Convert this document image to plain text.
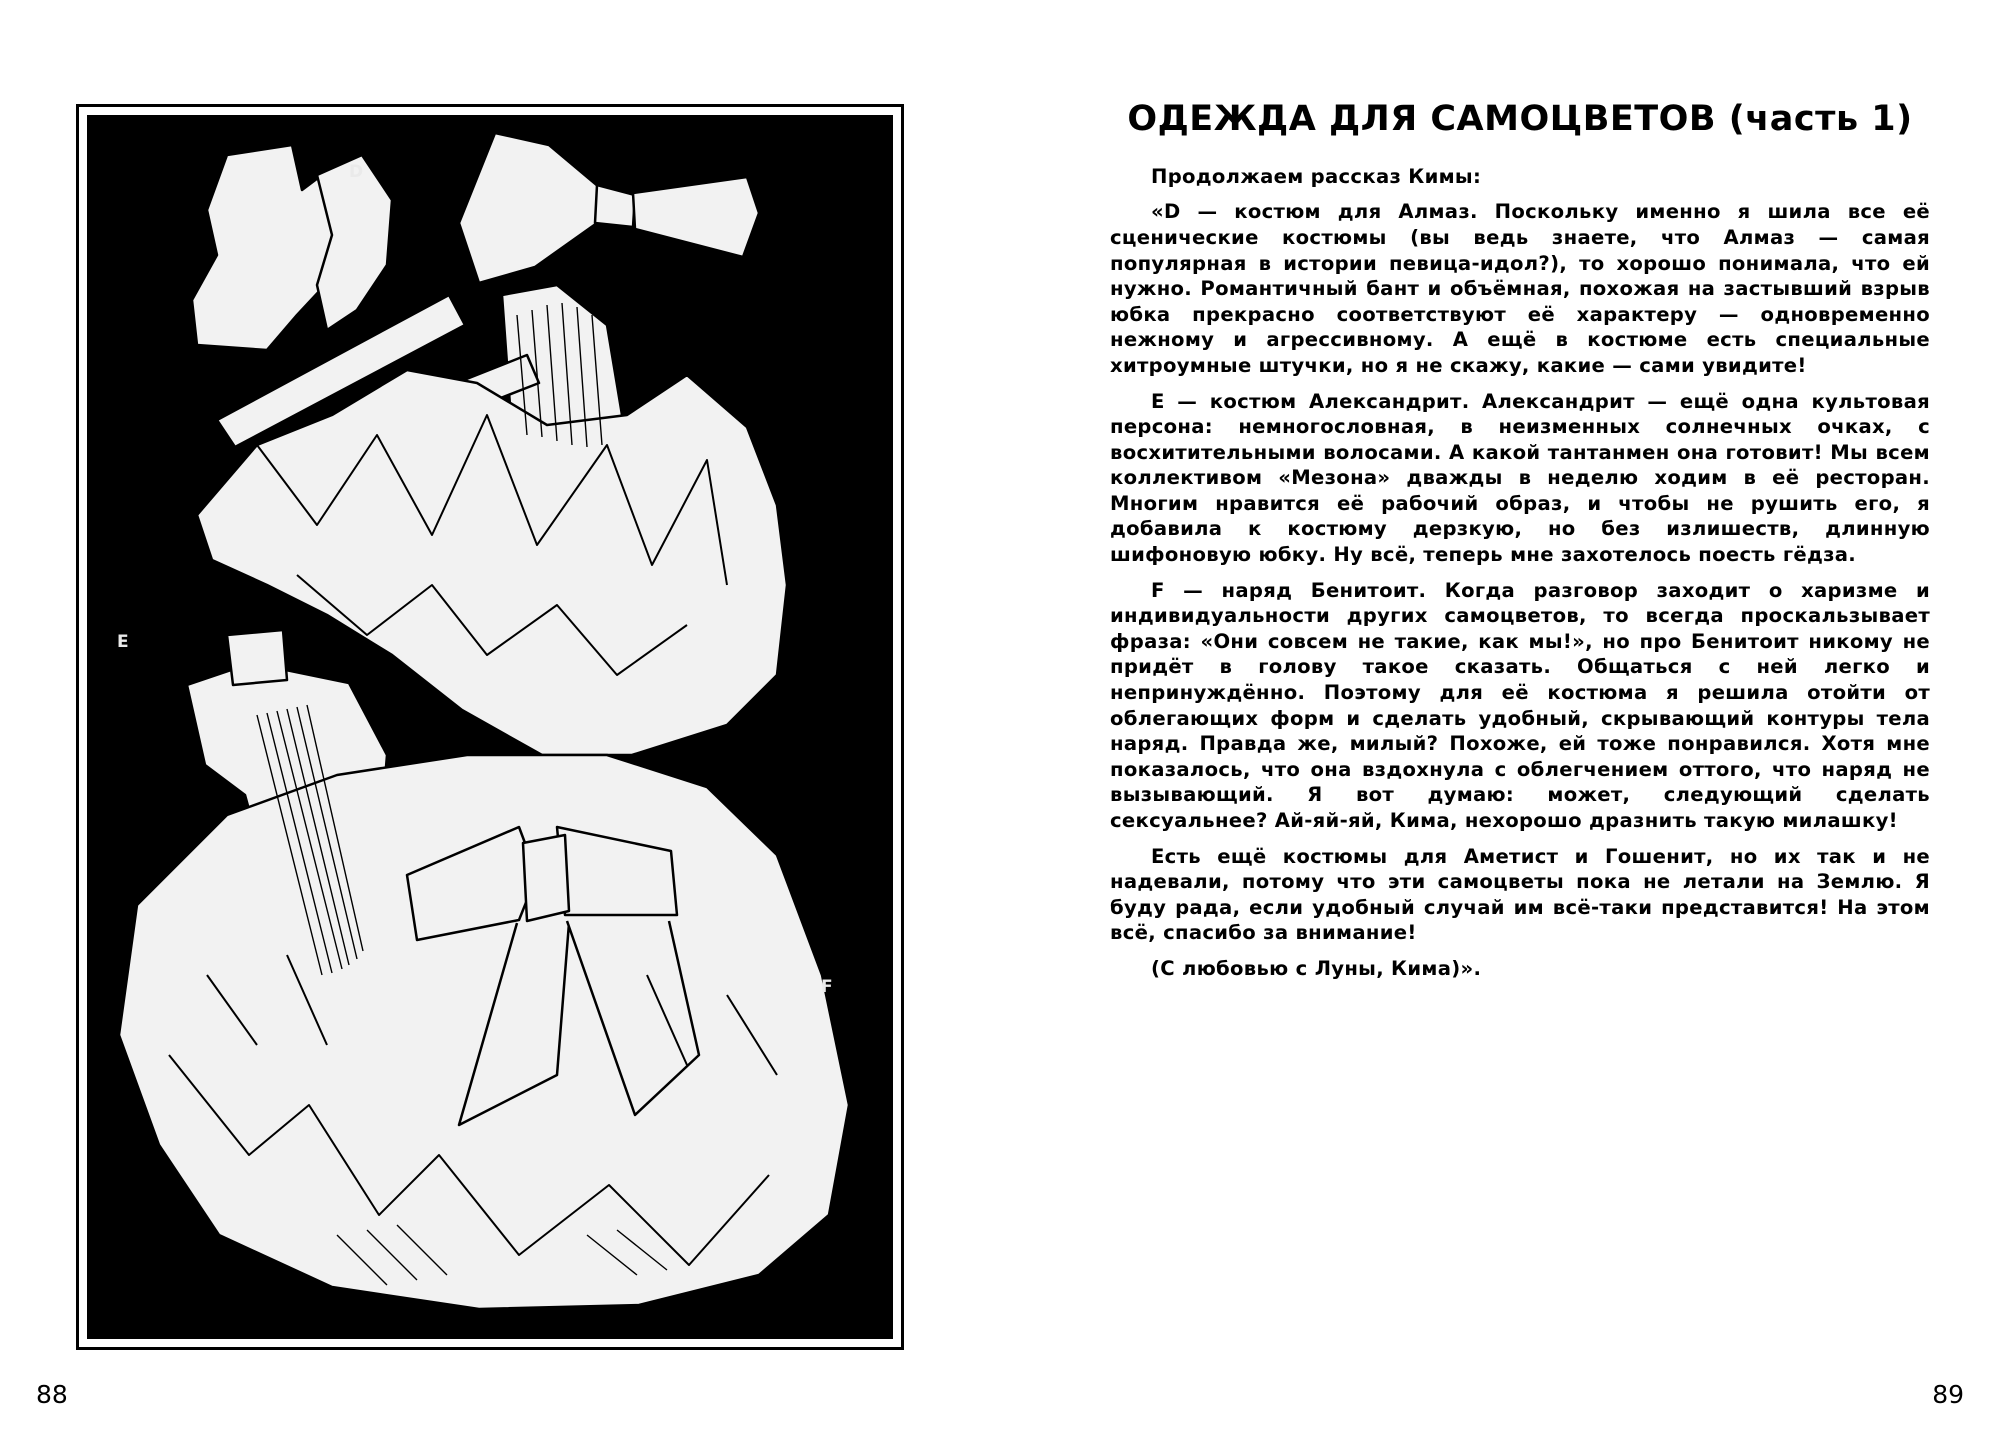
D
E
F
88
ОДЕЖДА ДЛЯ САМОЦВЕТОВ (часть 1)

Продолжаем рассказ Кимы:

«D — костюм для Алмаз. Поскольку именно я шила все её сценические костюмы (вы ведь знаете, что Алмаз — самая популярная в истории певица-идол?), то хорошо понимала, что ей нужно. Романтичный бант и объёмная, похожая на застывший взрыв юбка прекрасно соответствуют её характеру — одновременно нежному и агрессивному. А ещё в костюме есть специальные хитроумные штучки, но я не скажу, какие — сами увидите!

E — костюм Александрит. Александрит — ещё одна культовая персона: немногословная, в неизменных солнечных очках, с восхитительными волосами. А какой тантанмен она готовит! Мы всем коллективом «Мезона» дважды в неделю ходим в её ресторан. Многим нравится её рабочий образ, и чтобы не рушить его, я добавила к костюму дерзкую, но без излишеств, длинную шифоновую юбку. Ну всё, теперь мне захотелось поесть гёдза.

F — наряд Бенитоит. Когда разговор заходит о харизме и индивидуальности других самоцветов, то всегда проскальзывает фраза: «Они совсем не такие, как мы!», но про Бенитоит никому не придёт в голову такое сказать. Общаться с ней легко и непринуждённо. Поэтому для её костюма я решила отойти от облегающих форм и сделать удобный, скрывающий контуры тела наряд. Правда же, милый? Похоже, ей тоже понравился. Хотя мне показалось, что она вздохнула с облегчением оттого, что наряд не вызывающий. Я вот думаю: может, следующий сделать сексуальнее? Ай-яй-яй, Кима, нехорошо дразнить такую милашку!

Есть ещё костюмы для Аметист и Гошенит, но их так и не надевали, потому что эти самоцветы пока не летали на Землю. Я буду рада, если удобный случай им всё-таки представится! На этом всё, спасибо за внимание!

(С любовью с Луны, Кима)».

89
